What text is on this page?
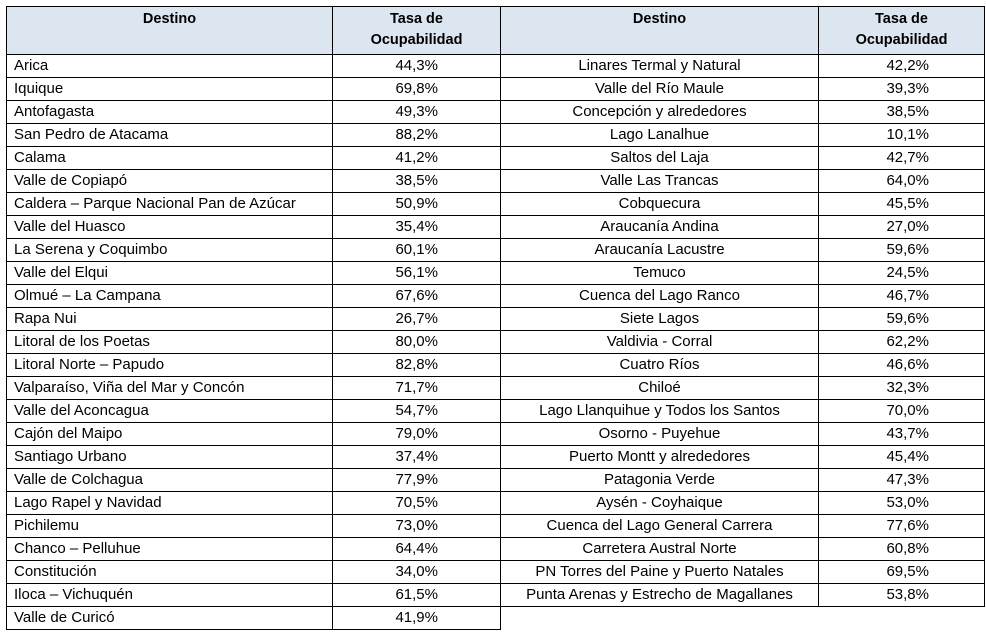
Destino	Tasa de
Ocupabilidad
Arica	44,3%
Iquique	69,8%
Antofagasta	49,3%
San Pedro de Atacama	88,2%
Calama	41,2%
Valle de Copiapó	38,5%
Caldera – Parque Nacional Pan de Azúcar	50,9%
Valle del Huasco	35,4%
La Serena y Coquimbo	60,1%
Valle del Elqui	56,1%
Olmué – La Campana	67,6%
Rapa Nui	26,7%
Litoral de los Poetas	80,0%
Litoral Norte – Papudo	82,8%
Valparaíso, Viña del Mar y Concón	71,7%
Valle del Aconcagua	54,7%
Cajón del Maipo	79,0%
Santiago Urbano	37,4%
Valle de Colchagua	77,9%
Lago Rapel y Navidad	70,5%
Pichilemu	73,0%
Chanco – Pelluhue	64,4%
Constitución	34,0%
Iloca – Vichuquén	61,5%
Valle de Curicó	41,9%
Destino	Tasa de
Ocupabilidad
Linares Termal y Natural	42,2%
Valle del Río Maule	39,3%
Concepción y alrededores	38,5%
Lago Lanalhue	10,1%
Saltos del Laja	42,7%
Valle Las Trancas	64,0%
Cobquecura	45,5%
Araucanía Andina	27,0%
Araucanía Lacustre	59,6%
Temuco	24,5%
Cuenca del Lago Ranco	46,7%
Siete Lagos	59,6%
Valdivia - Corral	62,2%
Cuatro Ríos	46,6%
Chiloé	32,3%
Lago Llanquihue y Todos los Santos	70,0%
Osorno - Puyehue	43,7%
Puerto Montt y alrededores	45,4%
Patagonia Verde	47,3%
Aysén - Coyhaique	53,0%
Cuenca del Lago General Carrera	77,6%
Carretera Austral Norte	60,8%
PN Torres del Paine y Puerto Natales	69,5%
Punta Arenas y Estrecho de Magallanes	53,8%
